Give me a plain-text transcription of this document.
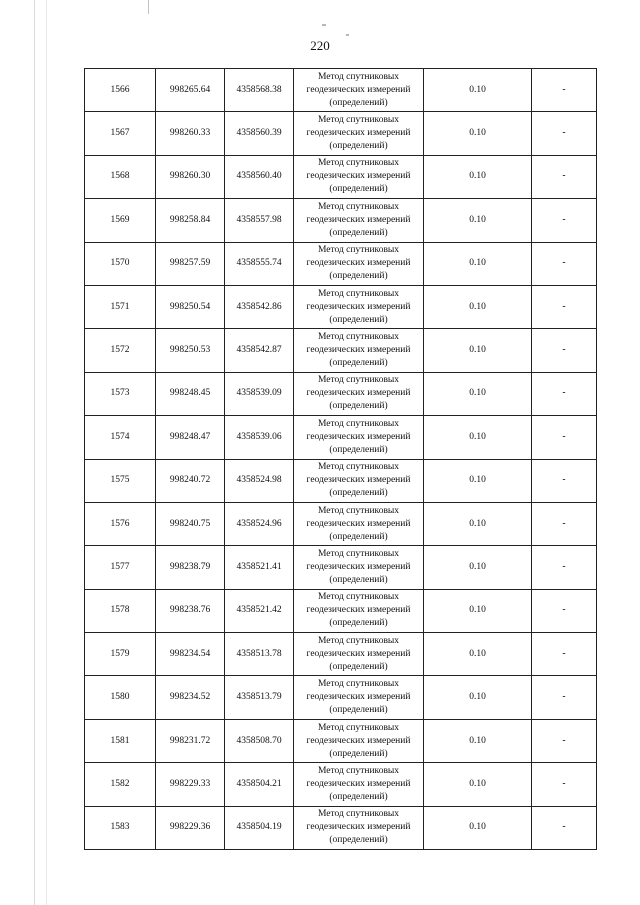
220
1566	998265.64	4358568.38	Метод спутниковых
геодезических измерений
(определений)	0.10	-
1567	998260.33	4358560.39	Метод спутниковых
геодезических измерений
(определений)	0.10	-
1568	998260.30	4358560.40	Метод спутниковых
геодезических измерений
(определений)	0.10	-
1569	998258.84	4358557.98	Метод спутниковых
геодезических измерений
(определений)	0.10	-
1570	998257.59	4358555.74	Метод спутниковых
геодезических измерений
(определений)	0.10	-
1571	998250.54	4358542.86	Метод спутниковых
геодезических измерений
(определений)	0.10	-
1572	998250.53	4358542.87	Метод спутниковых
геодезических измерений
(определений)	0.10	-
1573	998248.45	4358539.09	Метод спутниковых
геодезических измерений
(определений)	0.10	-
1574	998248.47	4358539.06	Метод спутниковых
геодезических измерений
(определений)	0.10	-
1575	998240.72	4358524.98	Метод спутниковых
геодезических измерений
(определений)	0.10	-
1576	998240.75	4358524.96	Метод спутниковых
геодезических измерений
(определений)	0.10	-
1577	998238.79	4358521.41	Метод спутниковых
геодезических измерений
(определений)	0.10	-
1578	998238.76	4358521.42	Метод спутниковых
геодезических измерений
(определений)	0.10	-
1579	998234.54	4358513.78	Метод спутниковых
геодезических измерений
(определений)	0.10	-
1580	998234.52	4358513.79	Метод спутниковых
геодезических измерений
(определений)	0.10	-
1581	998231.72	4358508.70	Метод спутниковых
геодезических измерений
(определений)	0.10	-
1582	998229.33	4358504.21	Метод спутниковых
геодезических измерений
(определений)	0.10	-
1583	998229.36	4358504.19	Метод спутниковых
геодезических измерений
(определений)	0.10	-
